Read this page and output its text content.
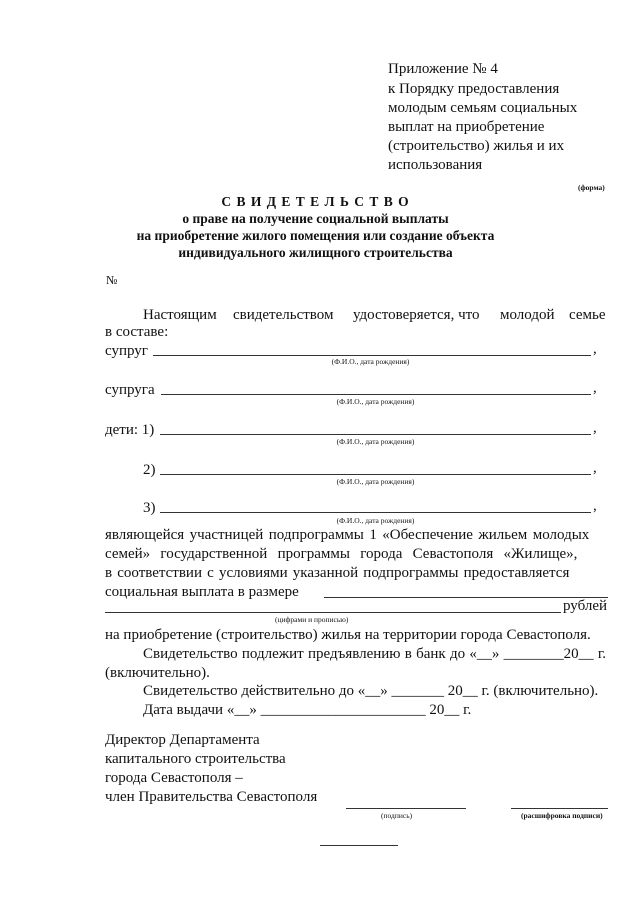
Приложение № 4
к Порядку предоставления
молодым семьям социальных
выплат на приобретение
(строительство) жилья и их
использования
(форма)
С В И Д Е Т Е Л Ь С Т В О
о праве на получение социальной выплаты
на приобретение жилого помещения или создание объекта
индивидуального жилищного строительства
№
Настоящим свидетельством удостоверяется, что молодой семье
в составе:
супруг	,
(Ф.И.О., дата рождения)
супруга	,
(Ф.И.О., дата рождения)
дети: 1)	,
(Ф.И.О., дата рождения)
2)	,
(Ф.И.О., дата рождения)
3)	,
(Ф.И.О., дата рождения)
являющейся участницей подпрограммы 1 «Обеспечение жильем молодых
семей» государственной программы города Севастополя «Жилище»,
в соответствии с условиями указанной подпрограммы предоставляется
социальная выплата в размере
рублей
(цифрами и прописью)
на приобретение (строительство) жилья на территории города Севастополя.
Свидетельство подлежит предъявлению в банк до «__» ________20__ г.
(включительно).
Свидетельство действительно до «__» _______ 20__ г. (включительно).
Дата выдачи «__» ______________________ 20__ г.
Директор Департамента
капитального строительства
города Севастополя –
член Правительства Севастополя
(подпись)	(расшифровка подписи)
